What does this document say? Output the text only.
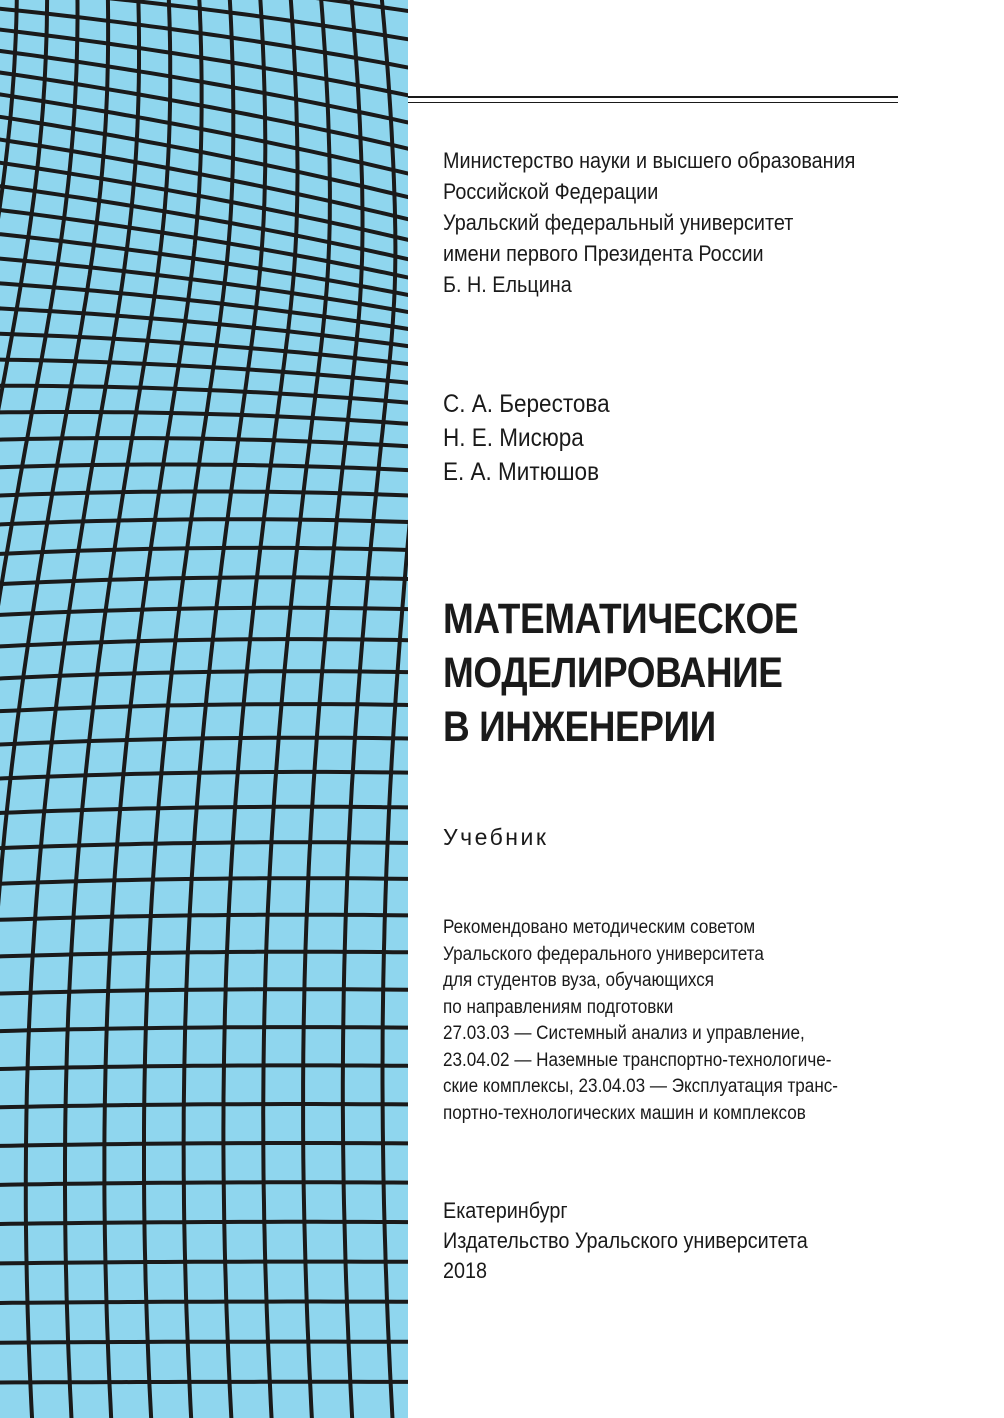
Министерство науки и высшего образования
Российской Федерации
Уральский федеральный университет
имени первого Президента России
Б. Н. Ельцина
С. А. Берестова
Н. Е. Мисюра
Е. А. Митюшов
МАТЕМАТИЧЕСКОЕ
МОДЕЛИРОВАНИЕ
В ИНЖЕНЕРИИ
Учебник
Рекомендовано методическим советом
Уральского федерального университета
для студентов вуза, обучающихся
по направлениям подготовки
27.03.03 — Системный анализ и управление,
23.04.02 — Наземные транспортно-технологиче-
ские комплексы, 23.04.03 — Эксплуатация транс-
портно-технологических машин и комплексов
Екатеринбург
Издательство Уральского университета
2018
